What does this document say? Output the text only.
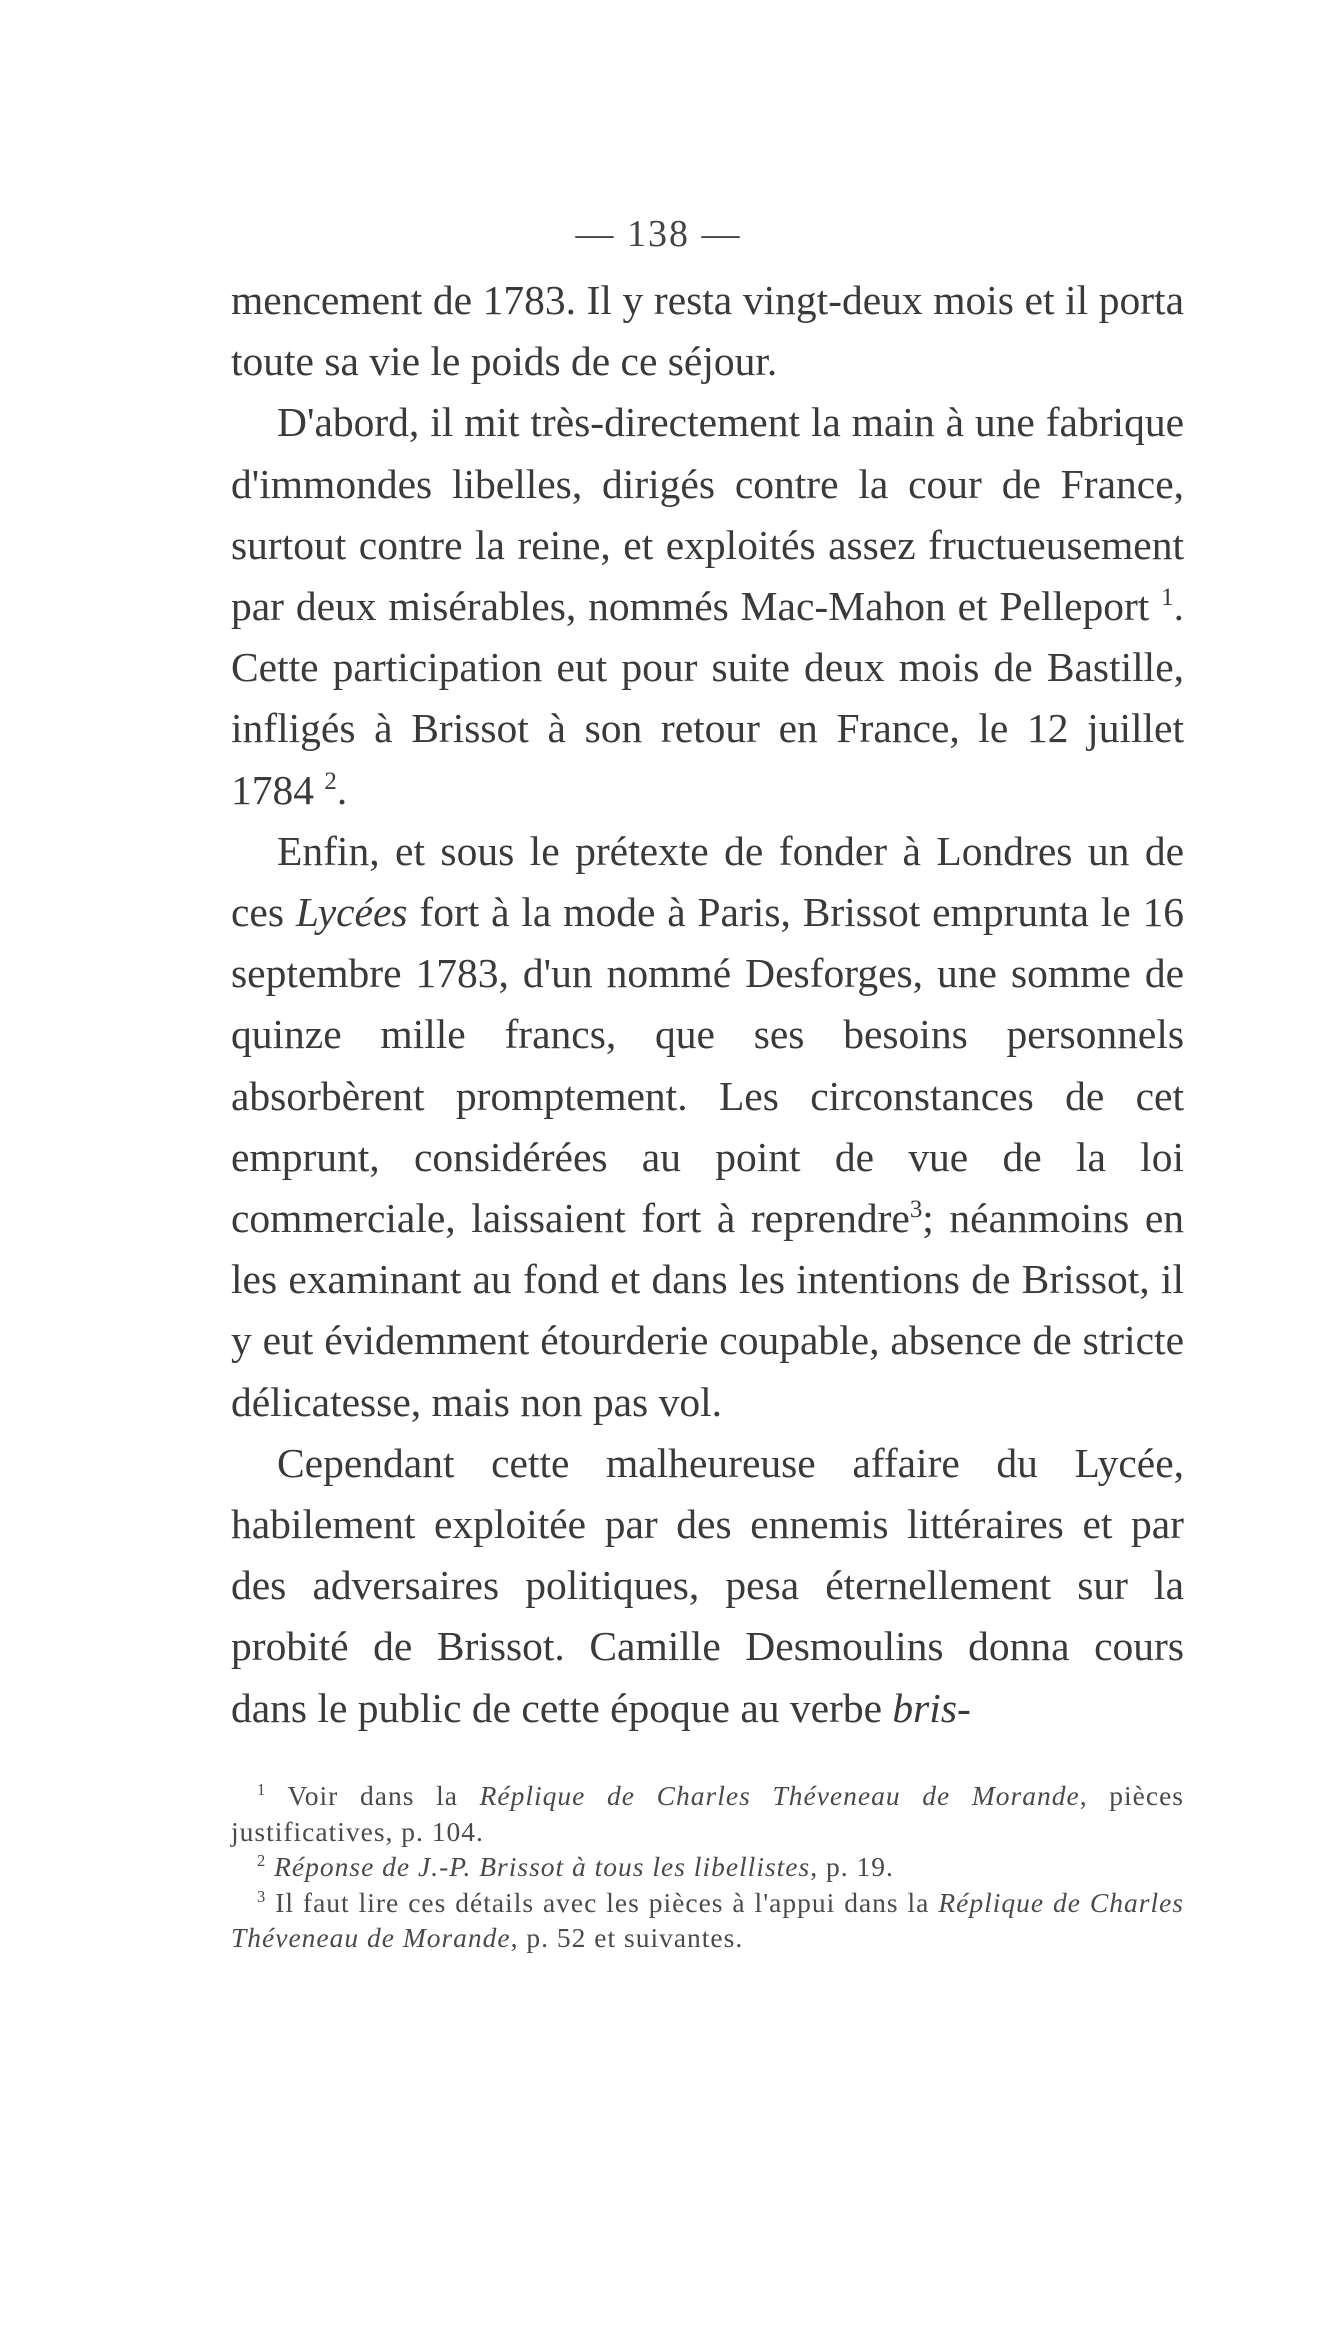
— 138 —

mencement de 1783. Il y resta vingt-deux mois et il porta toute sa vie le poids de ce séjour.

D'abord, il mit très-directement la main à une fabrique d'immondes libelles, dirigés contre la cour de France, surtout contre la reine, et exploités assez fructueusement par deux misérables, nommés Mac-Mahon et Pelleport $^1$. Cette participation eut pour suite deux mois de Bastille, infligés à Brissot à son retour en France, le 12 juillet 1784 $^2$.

Enfin, et sous le prétexte de fonder à Londres un de ces Lycées fort à la mode à Paris, Brissot emprunta le 16 septembre 1783, d'un nommé Desforges, une somme de quinze mille francs, que ses besoins personnels absorbèrent promptement. Les circonstances de cet emprunt, considérées au point de vue de la loi commerciale, laissaient fort à reprendre$^3$; néanmoins en les examinant au fond et dans les intentions de Brissot, il y eut évidemment étourderie coupable, absence de stricte délicatesse, mais non pas vol.

Cependant cette malheureuse affaire du Lycée, habilement exploitée par des ennemis littéraires et par des adversaires politiques, pesa éternellement sur la probité de Brissot. Camille Desmoulins donna cours dans le public de cette époque au verbe bris-

$^1$ Voir dans la Réplique de Charles Théveneau de Morande, pièces justificatives, p. 104.

$^2$ Réponse de J.-P. Brissot à tous les libellistes, p. 19.

$^3$ Il faut lire ces détails avec les pièces à l'appui dans la Réplique de Charles Théveneau de Morande, p. 52 et suivantes.
